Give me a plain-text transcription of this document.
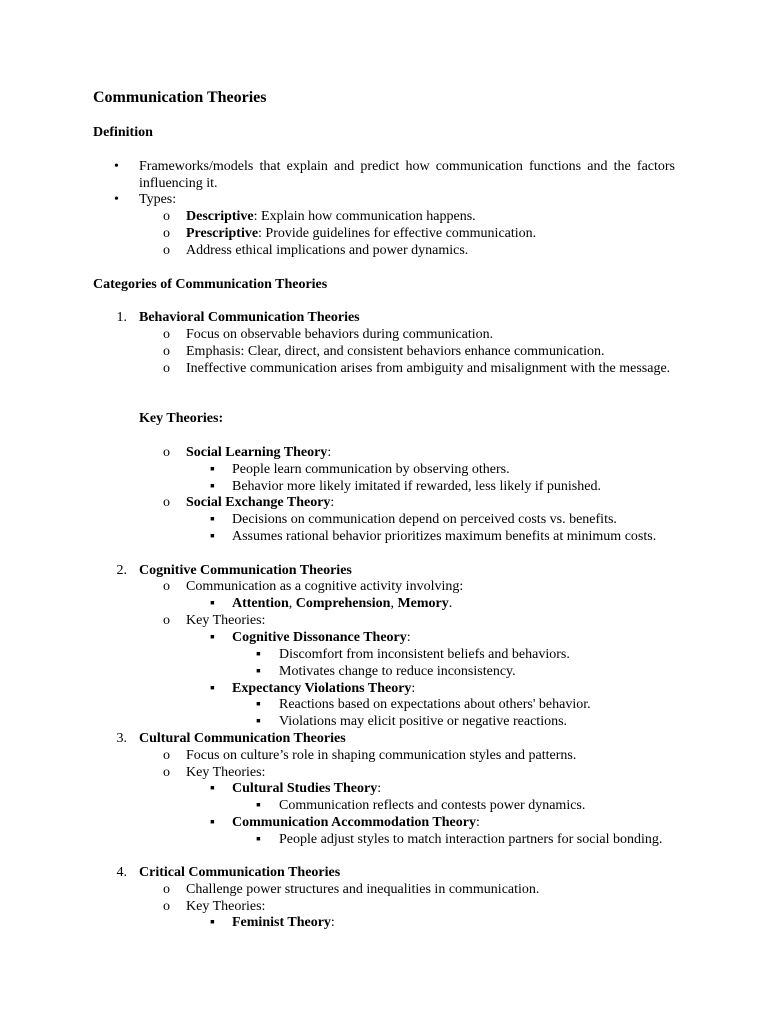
Communication Theories
Definition
• Frameworks/models that explain and predict how communication functions and the factors influencing it.
• Types:
o Descriptive: Explain how communication happens.
o Prescriptive: Provide guidelines for effective communication.
o Address ethical implications and power dynamics.
Categories of Communication Theories
1. Behavioral Communication Theories
o Focus on observable behaviors during communication.
o Emphasis: Clear, direct, and consistent behaviors enhance communication.
o Ineffective communication arises from ambiguity and misalignment with the message.
Key Theories:
o Social Learning Theory:
▪ People learn communication by observing others.
▪ Behavior more likely imitated if rewarded, less likely if punished.
o Social Exchange Theory:
▪ Decisions on communication depend on perceived costs vs. benefits.
▪ Assumes rational behavior prioritizes maximum benefits at minimum costs.
2. Cognitive Communication Theories
o Communication as a cognitive activity involving:
▪ Attention, Comprehension, Memory.
o Key Theories:
▪ Cognitive Dissonance Theory:
▪ Discomfort from inconsistent beliefs and behaviors.
▪ Motivates change to reduce inconsistency.
▪ Expectancy Violations Theory:
▪ Reactions based on expectations about others' behavior.
▪ Violations may elicit positive or negative reactions.
3. Cultural Communication Theories
o Focus on culture’s role in shaping communication styles and patterns.
o Key Theories:
▪ Cultural Studies Theory:
▪ Communication reflects and contests power dynamics.
▪ Communication Accommodation Theory:
▪ People adjust styles to match interaction partners for social bonding.
4. Critical Communication Theories
o Challenge power structures and inequalities in communication.
o Key Theories:
▪ Feminist Theory:
